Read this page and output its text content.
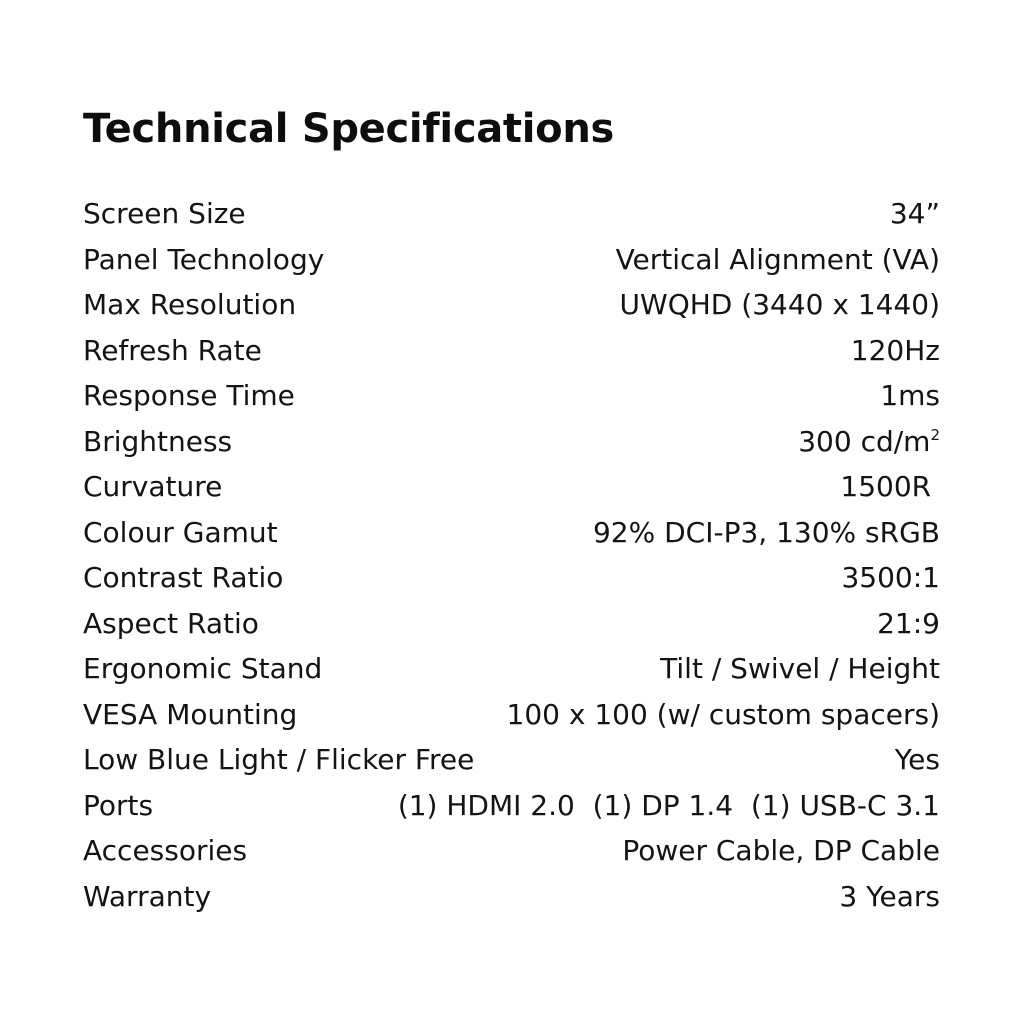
Technical Specifications
Screen Size	34”
Panel Technology	Vertical Alignment (VA)
Max Resolution	UWQHD (3440 x 1440)
Refresh Rate	120Hz
Response Time	1ms
Brightness	300 $cd/m^2$
Curvature	1500R
Colour Gamut	92% DCI-P3, 130% sRGB
Contrast Ratio	3500:1
Aspect Ratio	21:9
Ergonomic Stand	Tilt / Swivel / Height
VESA Mounting	100 x 100 (w/ custom spacers)
Low Blue Light / Flicker Free	Yes
Ports	(1) HDMI 2.0  (1) DP 1.4  (1) USB-C 3.1
Accessories	Power Cable, DP Cable
Warranty	3 Years
